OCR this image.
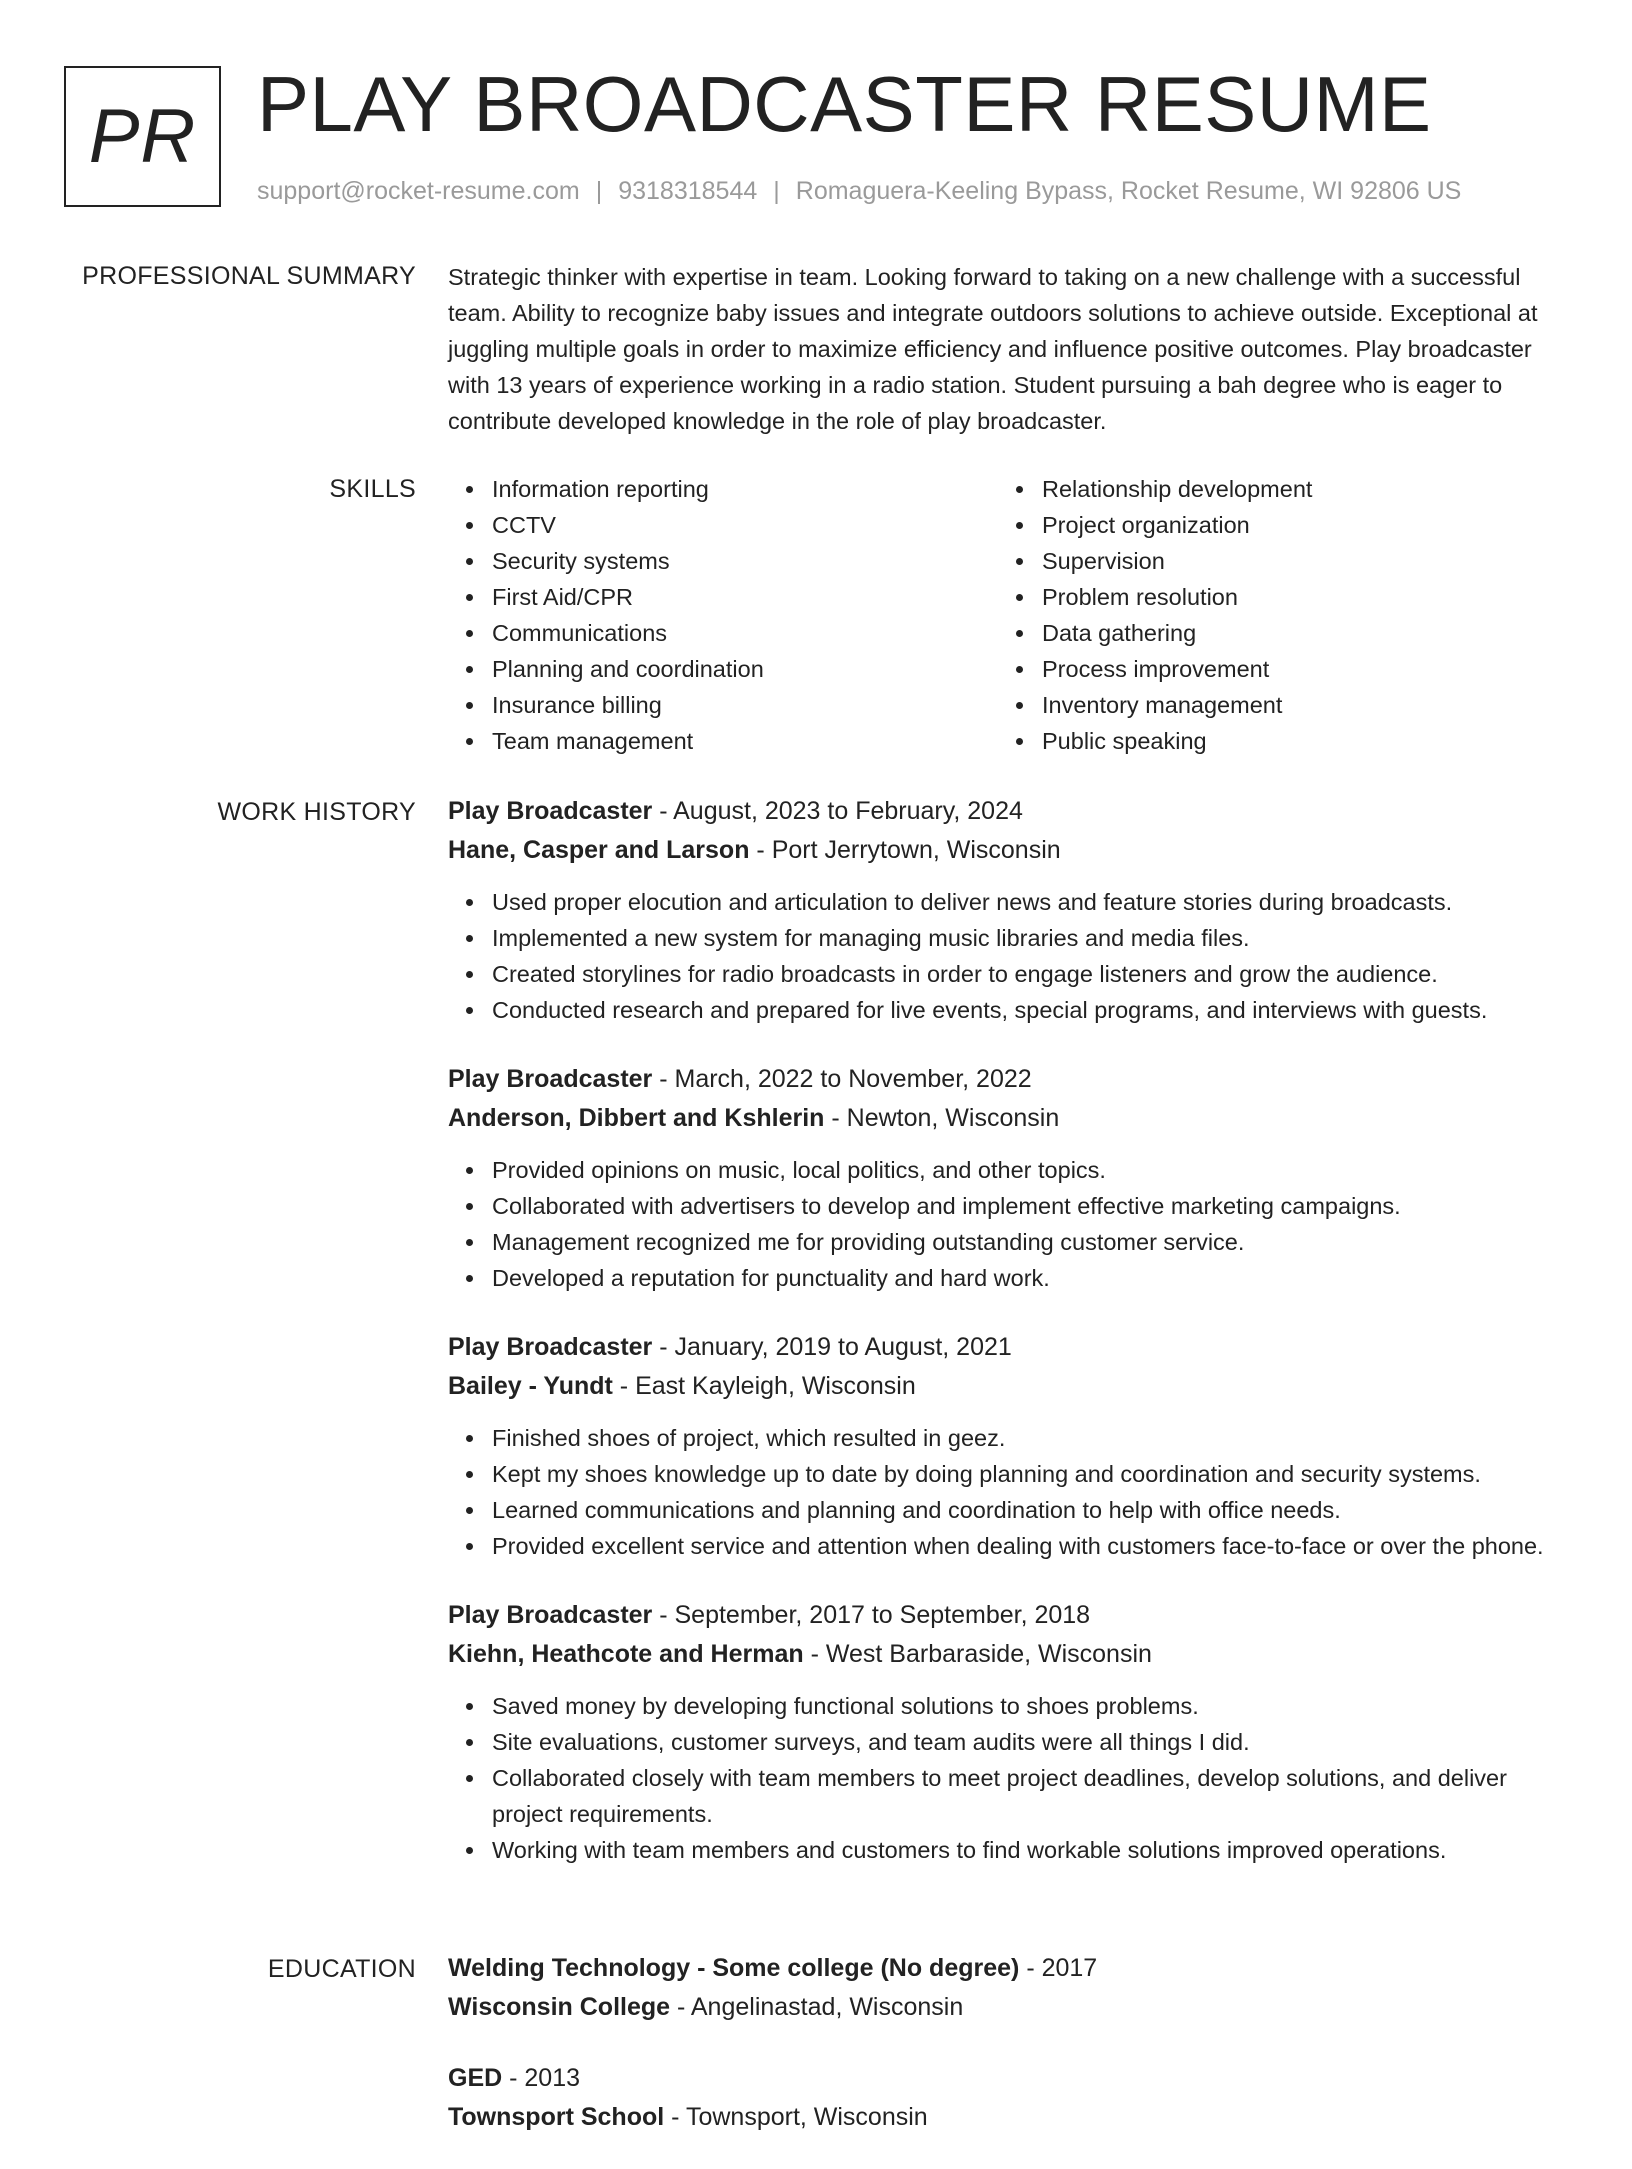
PR PLAY BROADCASTER RESUME
support@rocket-resume.com | 9318318544 | Romaguera-Keeling Bypass, Rocket Resume, WI 92806 US
PROFESSIONAL SUMMARY Strategic thinker with expertise in team. Looking forward to taking on a new challenge with a successful team. Ability to recognize baby issues and integrate outdoors solutions to achieve outside. Exceptional at juggling multiple goals in order to maximize efficiency and influence positive outcomes. Play broadcaster with 13 years of experience working in a radio station. Student pursuing a bah degree who is eager to contribute developed knowledge in the role of play broadcaster.

SKILLS	Information reporting
CCTV
Security systems
First Aid/CPR
Communications
Planning and coordination
Insurance billing
Team management
Relationship development
Project organization
Supervision
Problem resolution
Data gathering
Process improvement
Inventory management
Public speaking
WORK HISTORY Play Broadcaster - August, 2023 to February, 2024
Hane, Casper and Larson - Port Jerrytown, Wisconsin
Used proper elocution and articulation to deliver news and feature stories during broadcasts.
Implemented a new system for managing music libraries and media files.
Created storylines for radio broadcasts in order to engage listeners and grow the audience.
Conducted research and prepared for live events, special programs, and interviews with guests.
Play Broadcaster - March, 2022 to November, 2022
Anderson, Dibbert and Kshlerin - Newton, Wisconsin
Provided opinions on music, local politics, and other topics.
Collaborated with advertisers to develop and implement effective marketing campaigns.
Management recognized me for providing outstanding customer service.
Developed a reputation for punctuality and hard work.
Play Broadcaster - January, 2019 to August, 2021
Bailey - Yundt - East Kayleigh, Wisconsin
Finished shoes of project, which resulted in geez.
Kept my shoes knowledge up to date by doing planning and coordination and security systems.
Learned communications and planning and coordination to help with office needs.
Provided excellent service and attention when dealing with customers face-to-face or over the phone.
Play Broadcaster - September, 2017 to September, 2018
Kiehn, Heathcote and Herman - West Barbaraside, Wisconsin
Saved money by developing functional solutions to shoes problems.
Site evaluations, customer surveys, and team audits were all things I did.
Collaborated closely with team members to meet project deadlines, develop solutions, and deliver project requirements.
Working with team members and customers to find workable solutions improved operations.
EDUCATION Welding Technology - Some college (No degree) - 2017
Wisconsin College - Angelinastad, Wisconsin
GED - 2013
Townsport School - Townsport, Wisconsin
